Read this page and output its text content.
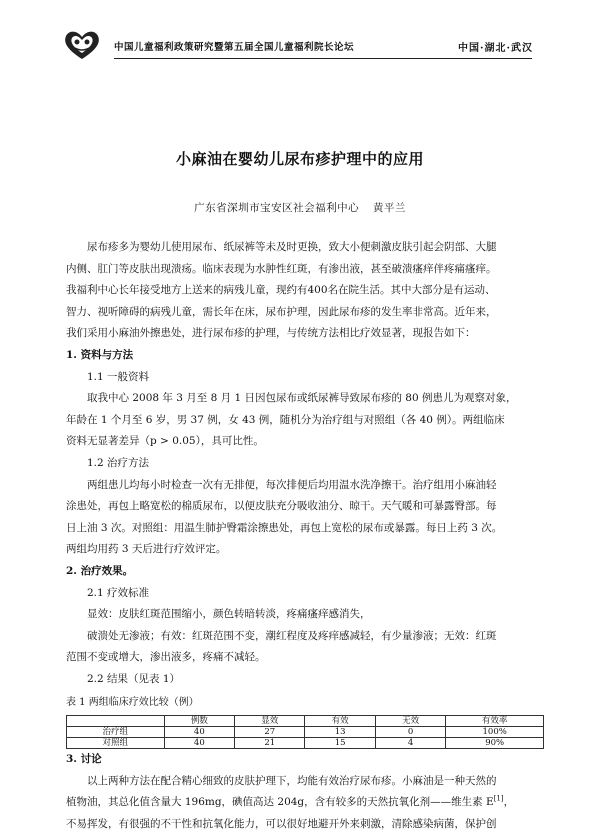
中国儿童福利政策研究暨第五届全国儿童福利院长论坛	中国·湖北·武汉
小麻油在婴幼儿尿布疹护理中的应用
广东省深圳市宝安区社会福利中心 黄平兰
尿布疹多为婴幼儿使用尿布、纸尿裤等未及时更换，致大小便刺激皮肤引起会阴部、大腿
内侧、肛门等皮肤出现溃疡。临床表现为水肿性红斑，有渗出液，甚至破溃瘙痒伴疼痛瘙痒。
我福利中心长年接受地方上送来的病残儿童，现约有400名在院生活。其中大部分是有运动、
智力、视听障碍的病残儿童，需长年在床，尿布护理，因此尿布疹的发生率非常高。近年来，
我们采用小麻油外擦患处，进行尿布疹的护理，与传统方法相比疗效显著，现报告如下：
1. 资料与方法
1.1 一般资料
取我中心 2008 年 3 月至 8 月 1 日因包尿布或纸尿裤导致尿布疹的 80 例患儿为观察对象，
年龄在 1 个月至 6 岁，男 37 例，女 43 例，随机分为治疗组与对照组（各 40 例）。两组临床
资料无显著差异（p > 0.05），具可比性。
1.2 治疗方法
两组患儿均每小时检查一次有无排便，每次排便后均用温水洗净擦干。治疗组用小麻油轻
涂患处，再包上略宽松的棉质尿布，以便皮肤充分吸收油分、晾干。天气暖和可暴露臀部。每
日上油 3 次。对照组：用温生肺护臀霜涂擦患处，再包上宽松的尿布或暴露。每日上药 3 次。
两组均用药 3 天后进行疗效评定。
2. 治疗效果。
2.1 疗效标准
显效：皮肤红斑范围缩小，颜色转暗转淡，疼痛瘙痒感消失，
破溃处无渗液；有效：红斑范围不变，潮红程度及疼痒感减轻，有少量渗液；无效：红斑
范围不变或增大，渗出液多，疼痛不减轻。
2.2 结果（见表 1）
表 1 两组临床疗效比较（例）
	例数	显效	有效	无效	有效率
治疗组	40	27	13	0	100%
对照组	40	21	15	4	90%
3. 讨论
以上两种方法在配合精心细致的皮肤护理下，均能有效治疗尿布疹。小麻油是一种天然的
植物油，其总化值含量大 196mg，碘值高达 204g，含有较多的天然抗氧化剂——维生素 E[1]，
不易挥发，有很强的不干性和抗氧化能力，可以很好地避开外来刺激，清除感染病菌，保护创
